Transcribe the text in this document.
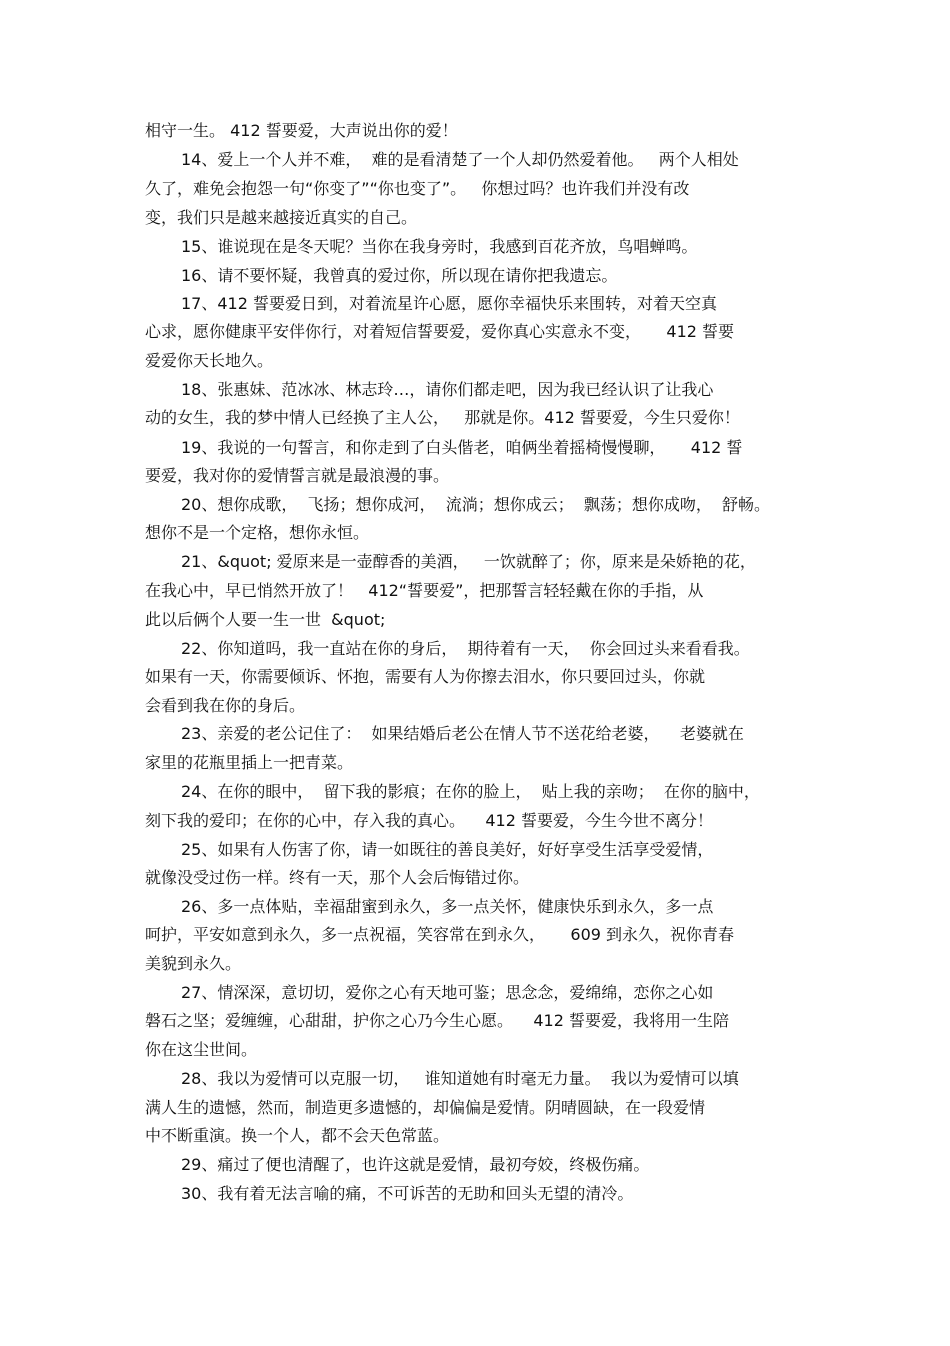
相守一生。 412 誓要爱，大声说出你的爱！
14、爱上一个人并不难，  难的是看清楚了一个人却仍然爱着他。   两个人相处
久了，难免会抱怨一句“你变了”“你也变了”。   你想过吗？也许我们并没有改
变，我们只是越来越接近真实的自己。
15、谁说现在是冬天呢？当你在我身旁时，我感到百花齐放，鸟唱蝉鸣。
16、请不要怀疑，我曾真的爱过你，所以现在请你把我遗忘。
17、412 誓要爱日到，对着流星许心愿，愿你幸福快乐来围转，对着天空真
心求，愿你健康平安伴你行，对着短信誓要爱，爱你真心实意永不变，     412 誓要
爱爱你天长地久。
18、张惠妹、范冰冰、林志玲…，请你们都走吧，因为我已经认识了让我心
动的女生，我的梦中情人已经换了主人公，   那就是你。412 誓要爱，今生只爱你！
19、我说的一句誓言，和你走到了白头偕老，咱俩坐着摇椅慢慢聊，     412 誓
要爱，我对你的爱情誓言就是最浪漫的事。
20、想你成歌，  飞扬；想你成河，  流淌；想你成云；  飘荡；想你成吻，  舒畅。
想你不是一个定格，想你永恒。
21、&quot; 爱原来是一壶醇香的美酒，   一饮就醉了；你，原来是朵娇艳的花，
在我心中，早已悄然开放了！   412“誓要爱”，把那誓言轻轻戴在你的手指，从
此以后俩个人要一生一世  &quot;
22、你知道吗，我一直站在你的身后，  期待着有一天，  你会回过头来看看我。
如果有一天，你需要倾诉、怀抱，需要有人为你擦去泪水，你只要回过头，你就
会看到我在你的身后。
23、亲爱的老公记住了：  如果结婚后老公在情人节不送花给老婆，    老婆就在
家里的花瓶里插上一把青菜。
24、在你的眼中，  留下我的影痕；在你的脸上，  贴上我的亲吻；  在你的脑中，
刻下我的爱印；在你的心中，存入我的真心。    412 誓要爱，今生今世不离分！
25、如果有人伤害了你，请一如既往的善良美好，好好享受生活享受爱情，
就像没受过伤一样。终有一天，那个人会后悔错过你。
26、多一点体贴，幸福甜蜜到永久，多一点关怀，健康快乐到永久，多一点
呵护，平安如意到永久，多一点祝福，笑容常在到永久，     609 到永久，祝你青春
美貌到永久。
27、情深深，意切切，爱你之心有天地可鉴；思念念，爱绵绵，恋你之心如
磐石之坚；爱缠缠，心甜甜，护你之心乃今生心愿。    412 誓要爱，我将用一生陪
你在这尘世间。
28、我以为爱情可以克服一切，   谁知道她有时毫无力量。  我以为爱情可以填
满人生的遗憾，然而，制造更多遗憾的，却偏偏是爱情。阴晴圆缺，在一段爱情
中不断重演。换一个人，都不会天色常蓝。
29、痛过了便也清醒了，也许这就是爱情，最初夸姣，终极伤痛。
30、我有着无法言喻的痛，不可诉苦的无助和回头无望的清冷。
